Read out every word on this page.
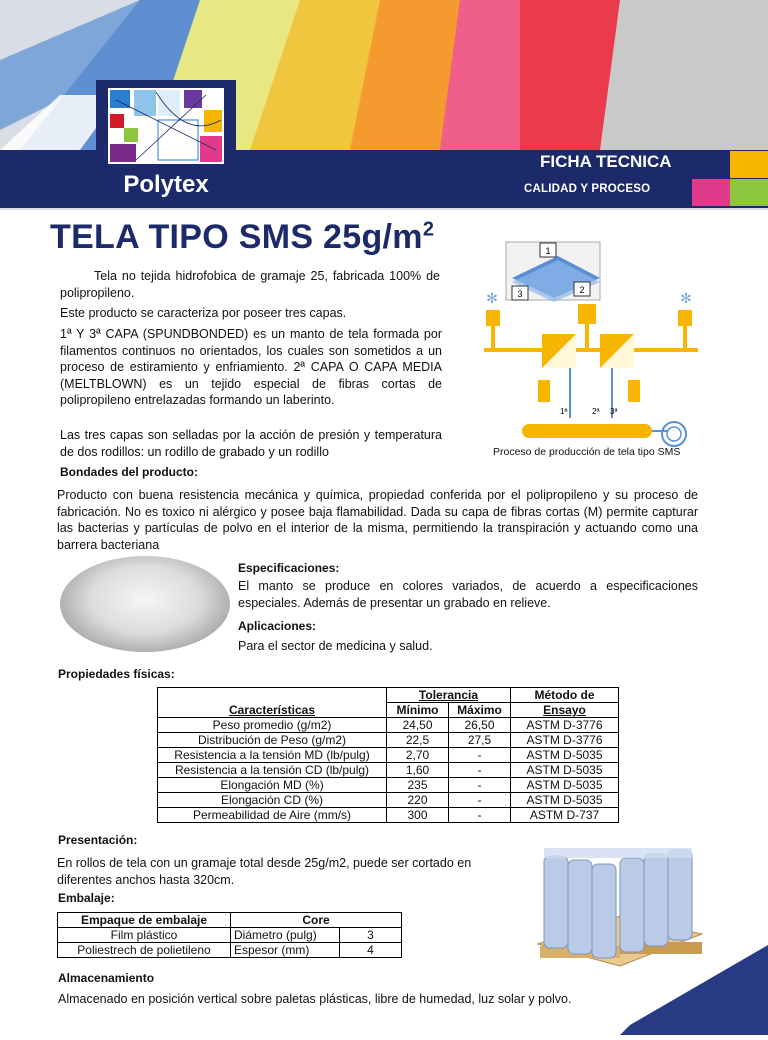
Polytex
FICHA TECNICA
CALIDAD Y PROCESO
TELA TIPO SMS $25g/m^2$
Tela no tejida hidrofobica de gramaje 25, fabricada 100% de polipropileno.
Este producto se caracteriza por poseer tres capas.
1ª Y 3ª CAPA (SPUNDBONDED) es un manto de tela formada por filamentos continuos no orientados, los cuales son sometidos a un proceso de estiramiento y enfriamiento. 2ª CAPA O CAPA MEDIA (MELTBLOWN) es un tejido especial de fibras cortas de polipropileno entrelazadas formando un laberinto.
Las tres capas son selladas por la acción de presión y temperatura de dos rodillos: un rodillo de grabado y un rodillo
1
2
3
✻	✻
1ª	2ª 3ª
Proceso de producción de tela tipo SMS
Bondades del producto:
Producto con buena resistencia mecánica y química, propiedad conferida por el polipropileno y su proceso de fabricación. No es toxico ni alérgico y posee baja flamabilidad. Dada su capa de fibras cortas (M) permite capturar las bacterias y partículas de polvo en el interior de la misma, permitiendo la transpiración y actuando como una barrera bacteriana
Especificaciones:
El manto se produce en colores variados, de acuerdo a especificaciones especiales. Además de presentar un grabado en relieve.
Aplicaciones:
Para el sector de medicina y salud.
Propiedades físicas:
Características	Tolerancia		Método de
	Mínimo	Máximo	Ensayo
Peso promedio (g/m2)	24,50	26,50	ASTM D-3776
Distribución de Peso (g/m2)	22,5	27,5	ASTM D-3776
Resistencia a la tensión MD (lb/pulg)	2,70	-	ASTM D-5035
Resistencia a la tensión CD (lb/pulg)	1,60	-	ASTM D-5035
Elongación MD (%)	235	-	ASTM D-5035
Elongación CD (%)	220	-	ASTM D-5035
Permeabilidad de Aire (mm/s)	300	-	ASTM D-737
Presentación:
En rollos de tela con un gramaje total desde 25g/m2, puede ser cortado en diferentes anchos hasta 320cm.
Embalaje:
Empaque de embalaje	Core	
Film plástico	Diámetro (pulg)	3
Poliestrech de polietileno	Espesor (mm)	4
Almacenamiento
Almacenado en posición vertical sobre paletas plásticas, libre de humedad, luz solar y polvo.
